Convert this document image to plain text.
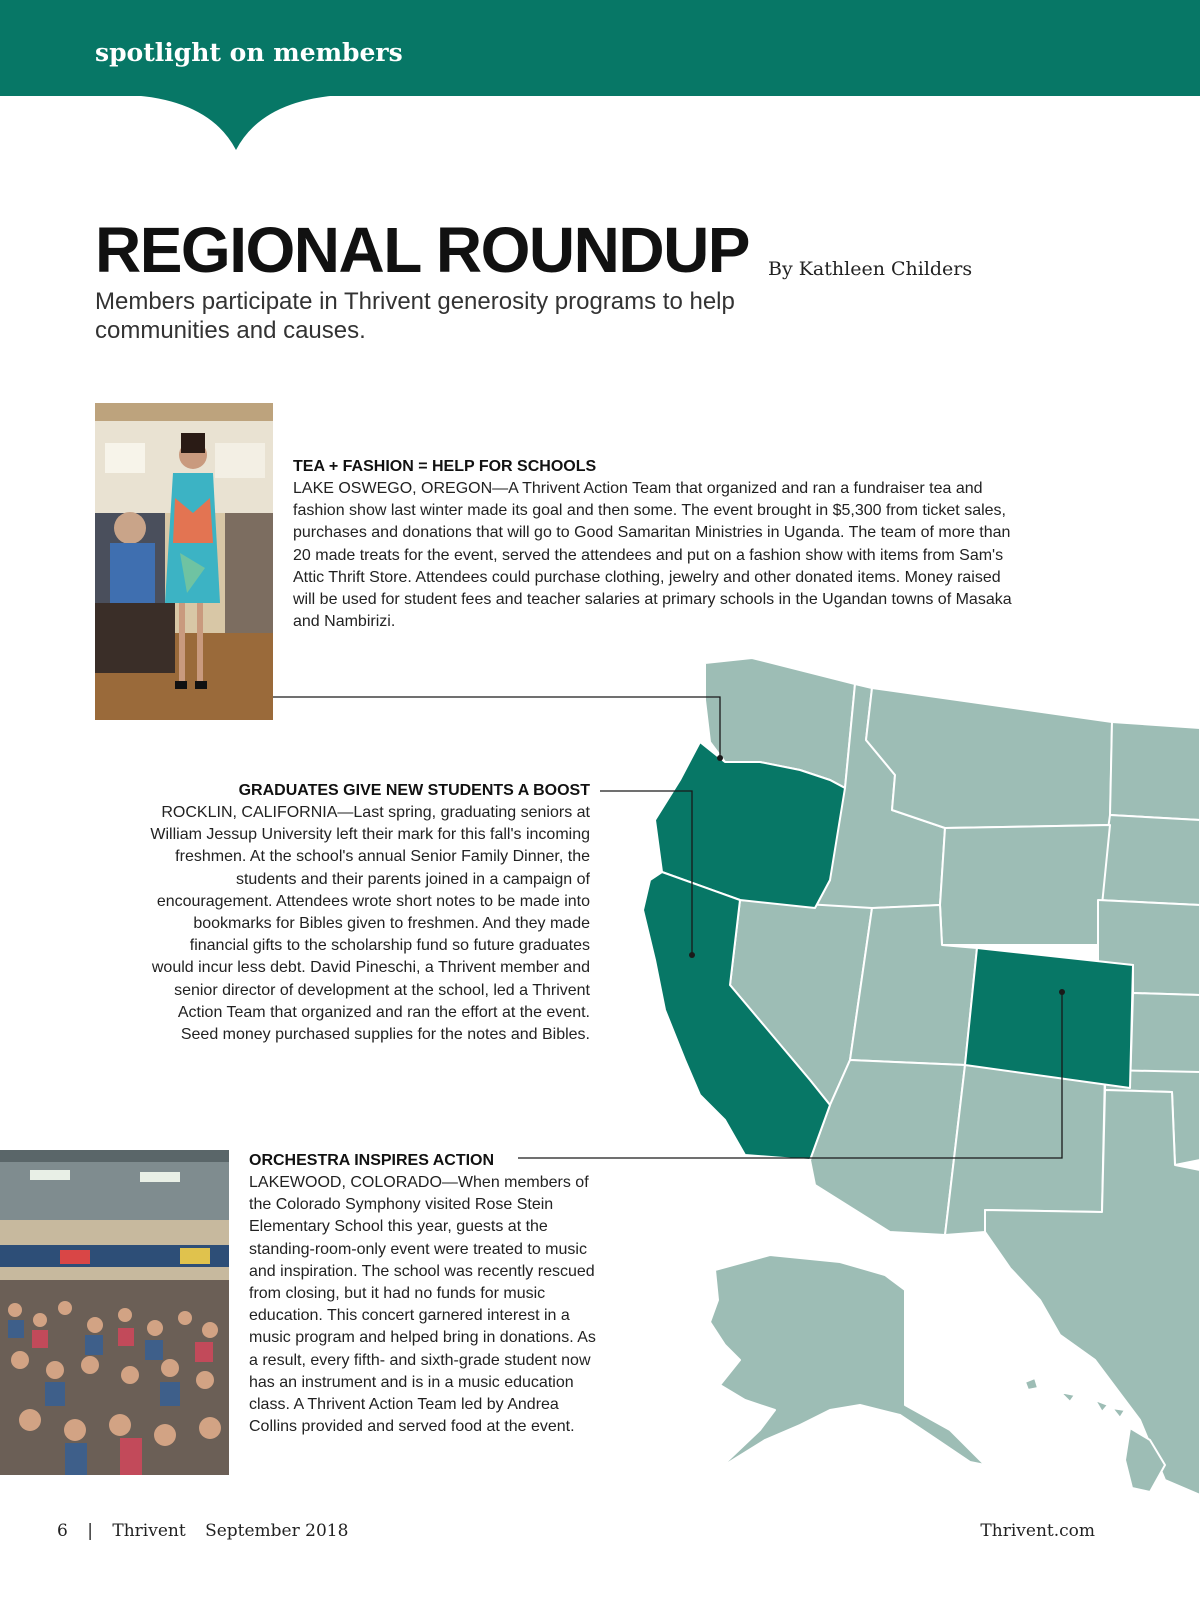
spotlight on members
REGIONAL ROUNDUP By Kathleen Childers
Members participate in Thrivent generosity programs to help communities and causes.
TEA + FASHION = HELP FOR SCHOOLS

LAKE OSWEGO, OREGON—A Thrivent Action Team that organized and ran a fundraiser tea and fashion show last winter made its goal and then some. The event brought in $5,300 from ticket sales, purchases and donations that will go to Good Samaritan Ministries in Uganda. The team of more than 20 made treats for the event, served the attendees and put on a fashion show with items from Sam's Attic Thrift Store. Attendees could purchase clothing, jewelry and other donated items. Money raised will be used for student fees and teacher salaries at primary schools in the Ugandan towns of Masaka and Nambirizi.

GRADUATES GIVE NEW STUDENTS A BOOST

ROCKLIN, CALIFORNIA—Last spring, graduating seniors at William Jessup University left their mark for this fall's incoming freshmen. At the school's annual Senior Family Dinner, the students and their parents joined in a campaign of encouragement. Attendees wrote short notes to be made into bookmarks for Bibles given to freshmen. And they made financial gifts to the scholarship fund so future graduates would incur less debt. David Pineschi, a Thrivent member and senior director of development at the school, led a Thrivent Action Team that organized and ran the effort at the event. Seed money purchased supplies for the notes and Bibles.

ORCHESTRA INSPIRES ACTION

LAKEWOOD, COLORADO—When members of the Colorado Symphony visited Rose Stein Elementary School this year, guests at the standing-room-only event were treated to music and inspiration. The school was recently rescued from closing, but it had no funds for music education. This concert garnered interest in a music program and helped bring in donations. As a result, every fifth- and sixth-grade student now has an instrument and is in a music education class. A Thrivent Action Team led by Andrea Collins provided and served food at the event.

6 | Thrivent September 2018	Thrivent.com
